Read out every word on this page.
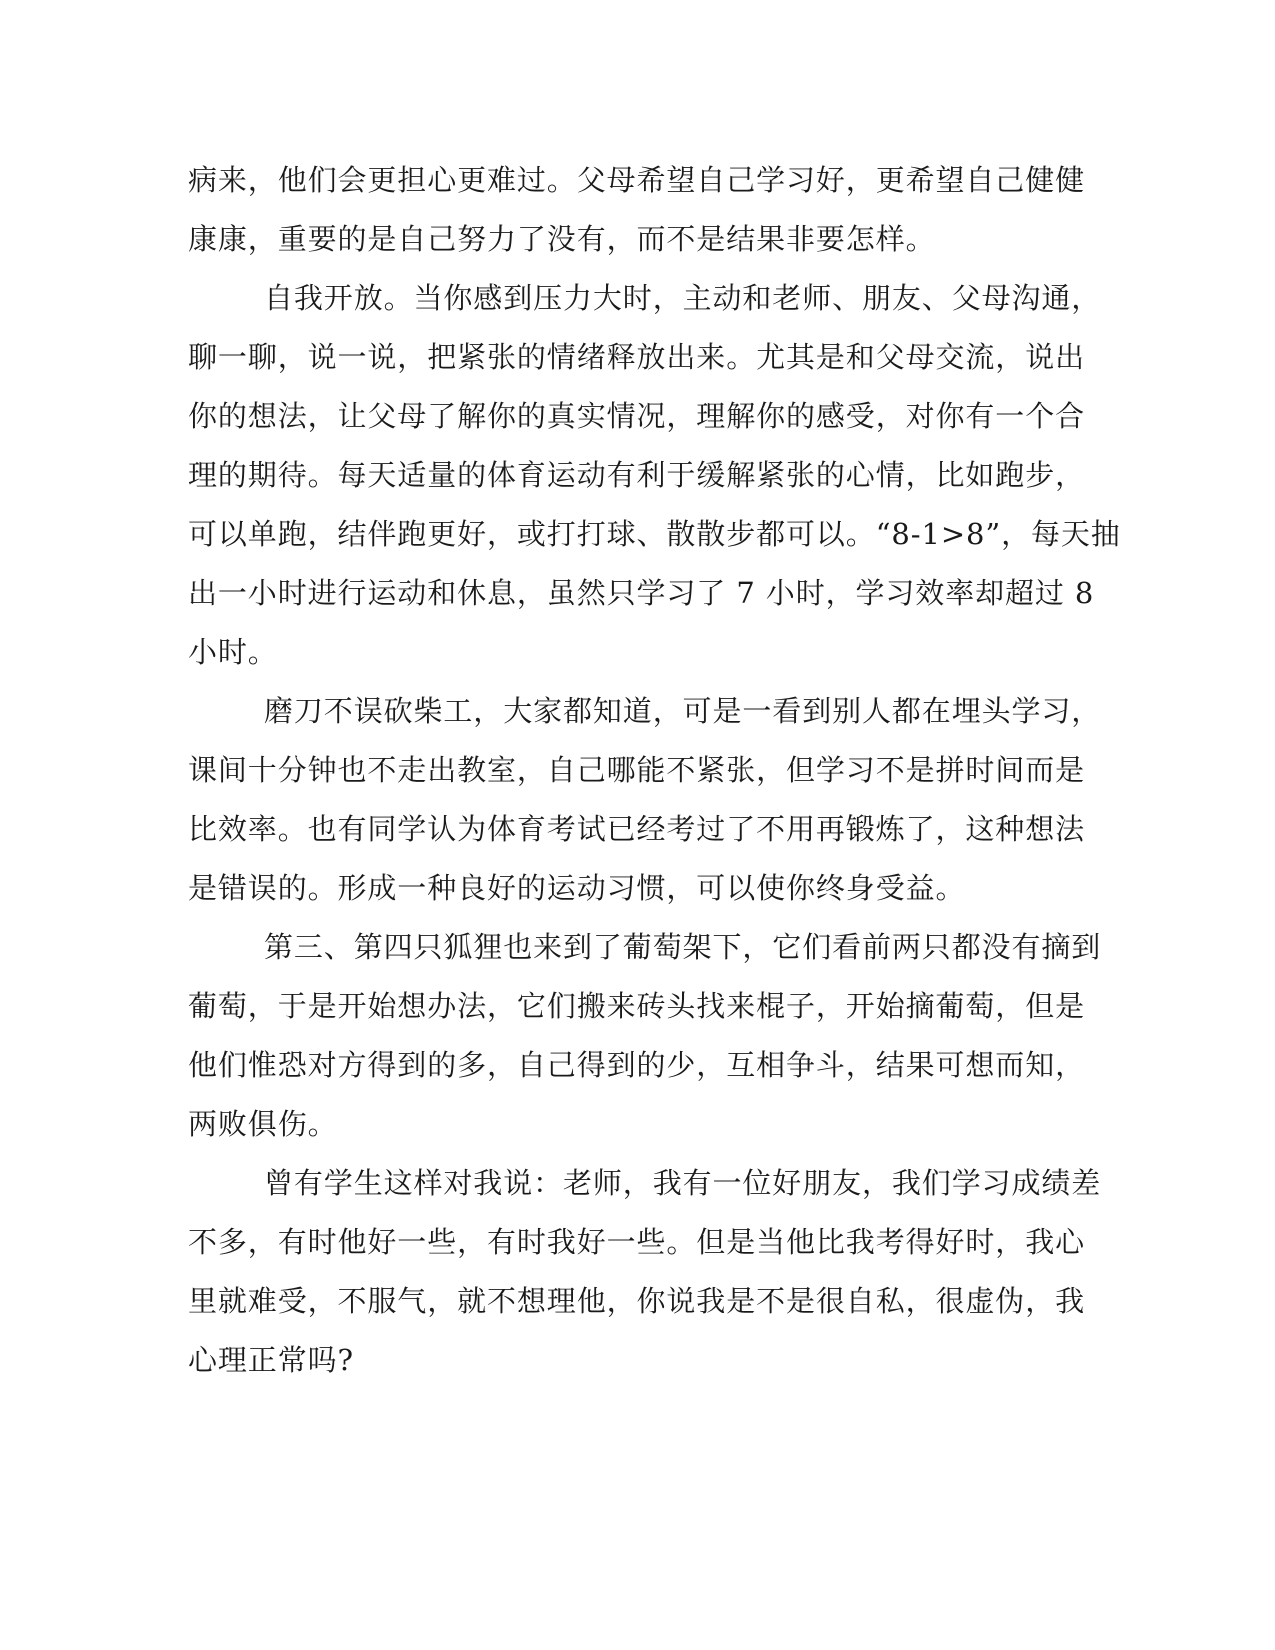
病来，他们会更担心更难过。父母希望自己学习好，更希望自己健健

康康，重要的是自己努力了没有，而不是结果非要怎样。

自我开放。当你感到压力大时，主动和老师、朋友、父母沟通，

聊一聊，说一说，把紧张的情绪释放出来。尤其是和父母交流，说出

你的想法，让父母了解你的真实情况，理解你的感受，对你有一个合

理的期待。每天适量的体育运动有利于缓解紧张的心情，比如跑步，

可以单跑，结伴跑更好，或打打球、散散步都可以。“8-1>8”，每天抽

出一小时进行运动和休息，虽然只学习了 7 小时，学习效率却超过 8

小时。

磨刀不误砍柴工，大家都知道，可是一看到别人都在埋头学习，

课间十分钟也不走出教室，自己哪能不紧张，但学习不是拼时间而是

比效率。也有同学认为体育考试已经考过了不用再锻炼了，这种想法

是错误的。形成一种良好的运动习惯，可以使你终身受益。

第三、第四只狐狸也来到了葡萄架下，它们看前两只都没有摘到

葡萄，于是开始想办法，它们搬来砖头找来棍子，开始摘葡萄，但是

他们惟恐对方得到的多，自己得到的少，互相争斗，结果可想而知，

两败俱伤。

曾有学生这样对我说：老师，我有一位好朋友，我们学习成绩差

不多，有时他好一些，有时我好一些。但是当他比我考得好时，我心

里就难受，不服气，就不想理他，你说我是不是很自私，很虚伪，我

心理正常吗?
